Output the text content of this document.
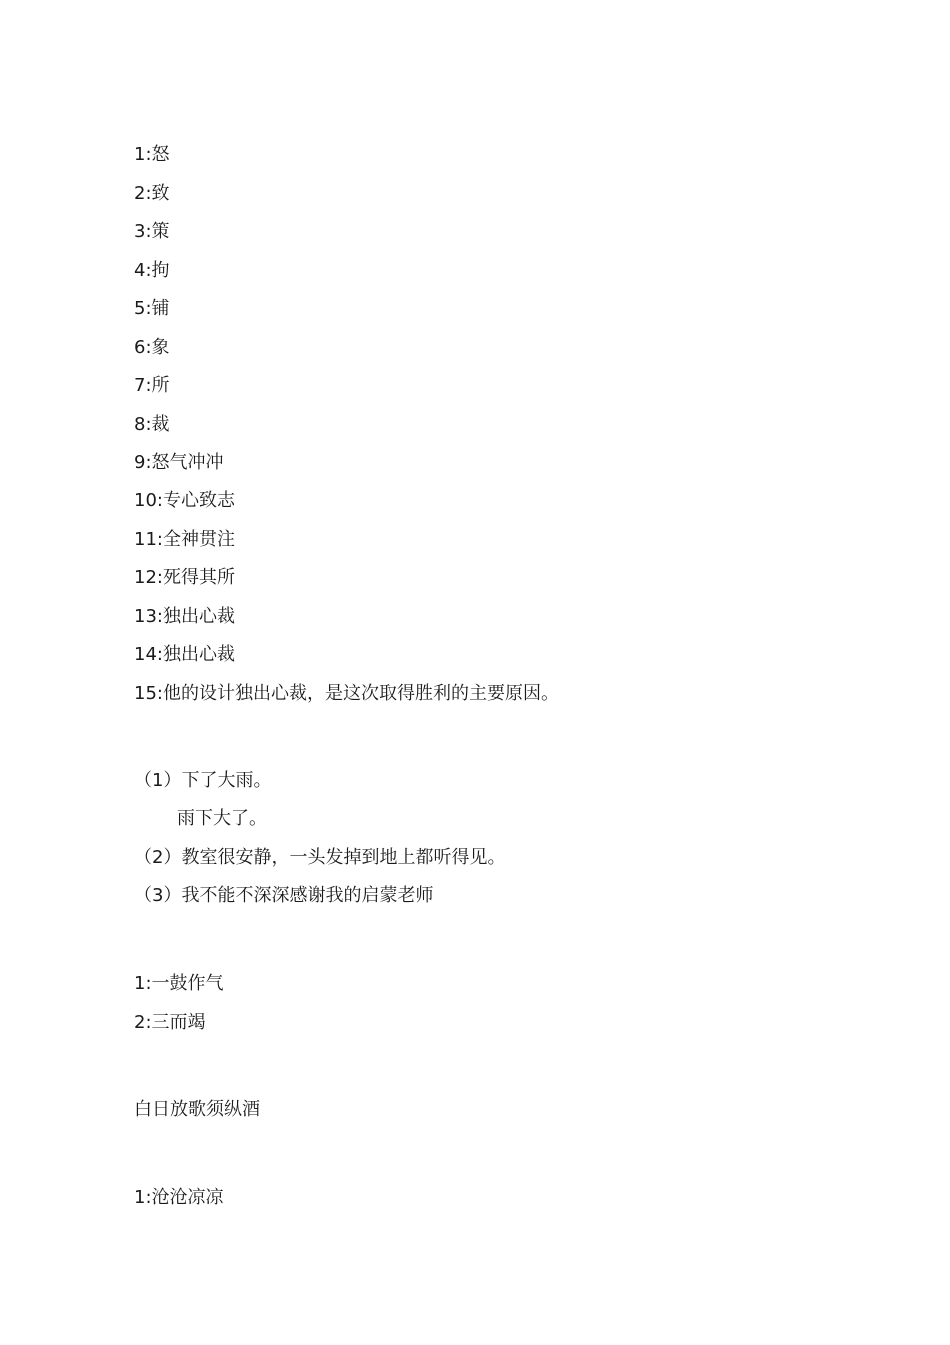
1:怒
2:致
3:策
4:拘
5:铺
6:象
7:所
8:裁
9:怒气冲冲
10:专心致志
11:全神贯注
12:死得其所
13:独出心裁
14:独出心裁
15:他的设计独出心裁，是这次取得胜利的主要原因。
（1）下了大雨。
雨下大了。
（2）教室很安静，一头发掉到地上都听得见。
（3）我不能不深深感谢我的启蒙老师
1:一鼓作气
2:三而竭
白日放歌须纵酒
1:沧沧凉凉
